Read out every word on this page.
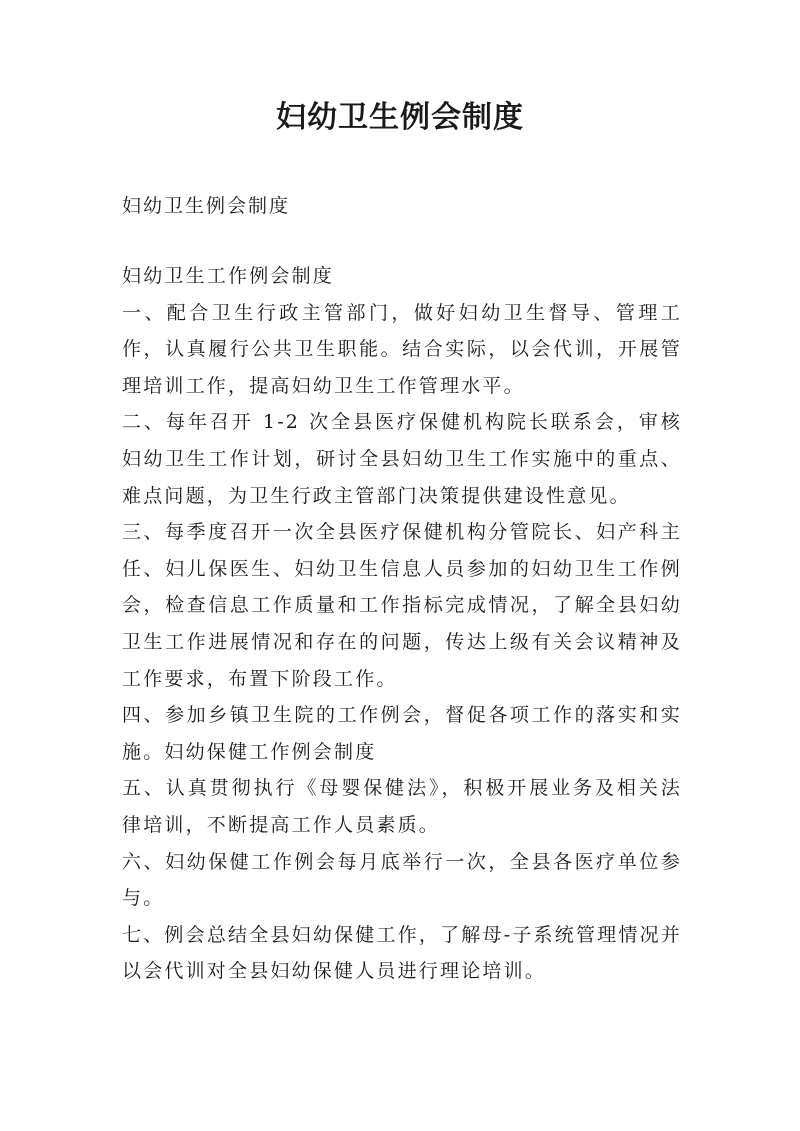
妇幼卫生例会制度

妇幼卫生例会制度

妇幼卫生工作例会制度

一、配合卫生行政主管部门，做好妇幼卫生督导、管理工作，认真履行公共卫生职能。结合实际，以会代训，开展管理培训工作，提高妇幼卫生工作管理水平。

二、每年召开 1-2 次全县医疗保健机构院长联系会，审核妇幼卫生工作计划，研讨全县妇幼卫生工作实施中的重点、难点问题，为卫生行政主管部门决策提供建设性意见。

三、每季度召开一次全县医疗保健机构分管院长、妇产科主任、妇儿保医生、妇幼卫生信息人员参加的妇幼卫生工作例会，检查信息工作质量和工作指标完成情况，了解全县妇幼卫生工作进展情况和存在的问题，传达上级有关会议精神及工作要求，布置下阶段工作。

四、参加乡镇卫生院的工作例会，督促各项工作的落实和实施。妇幼保健工作例会制度

五、认真贯彻执行《母婴保健法》，积极开展业务及相关法律培训，不断提高工作人员素质。

六、妇幼保健工作例会每月底举行一次，全县各医疗单位参与。

七、例会总结全县妇幼保健工作，了解母-子系统管理情况并以会代训对全县妇幼保健人员进行理论培训。
